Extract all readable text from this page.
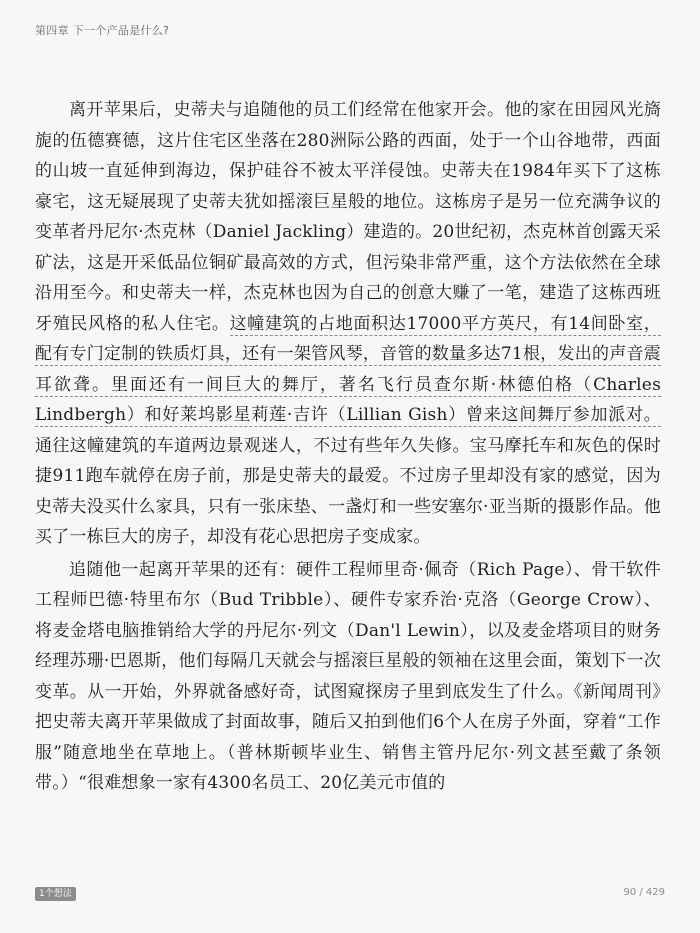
第四章 下一个产品是什么?

离开苹果后，史蒂夫与追随他的员工们经常在他家开会。他的家在田园风光旖旎的伍德赛德，这片住宅区坐落在280洲际公路的西面，处于一个山谷地带，西面的山坡一直延伸到海边，保护硅谷不被太平洋侵蚀。史蒂夫在1984年买下了这栋豪宅，这无疑展现了史蒂夫犹如摇滚巨星般的地位。这栋房子是另一位充满争议的变革者丹尼尔·杰克林（Daniel Jackling）建造的。20世纪初，杰克林首创露天采矿法，这是开采低品位铜矿最高效的方式，但污染非常严重，这个方法依然在全球沿用至今。和史蒂夫一样，杰克林也因为自己的创意大赚了一笔，建造了这栋西班牙殖民风格的私人住宅。这幢建筑的占地面积达17000平方英尺，有14间卧室，配有专门定制的铁质灯具，还有一架管风琴，音管的数量多达71根，发出的声音震耳欲聋。里面还有一间巨大的舞厅，著名飞行员查尔斯·林德伯格（Charles Lindbergh）和好莱坞影星莉莲·吉许（Lillian Gish）曾来这间舞厅参加派对。通往这幢建筑的车道两边景观迷人，不过有些年久失修。宝马摩托车和灰色的保时捷911跑车就停在房子前，那是史蒂夫的最爱。不过房子里却没有家的感觉，因为史蒂夫没买什么家具，只有一张床垫、一盏灯和一些安塞尔·亚当斯的摄影作品。他买了一栋巨大的房子，却没有花心思把房子变成家。

追随他一起离开苹果的还有：硬件工程师里奇·佩奇（Rich Page）、骨干软件工程师巴德·特里布尔（Bud Tribble）、硬件专家乔治·克洛（George Crow）、将麦金塔电脑推销给大学的丹尼尔·列文（Dan'l Lewin），以及麦金塔项目的财务经理苏珊·巴恩斯，他们每隔几天就会与摇滚巨星般的领袖在这里会面，策划下一次变革。从一开始，外界就备感好奇，试图窥探房子里到底发生了什么。《新闻周刊》把史蒂夫离开苹果做成了封面故事，随后又拍到他们6个人在房子外面，穿着“工作服”随意地坐在草地上。（普林斯顿毕业生、销售主管丹尼尔·列文甚至戴了条领带。）“很难想象一家有4300名员工、20亿美元市值的

1个想法	90 / 429
